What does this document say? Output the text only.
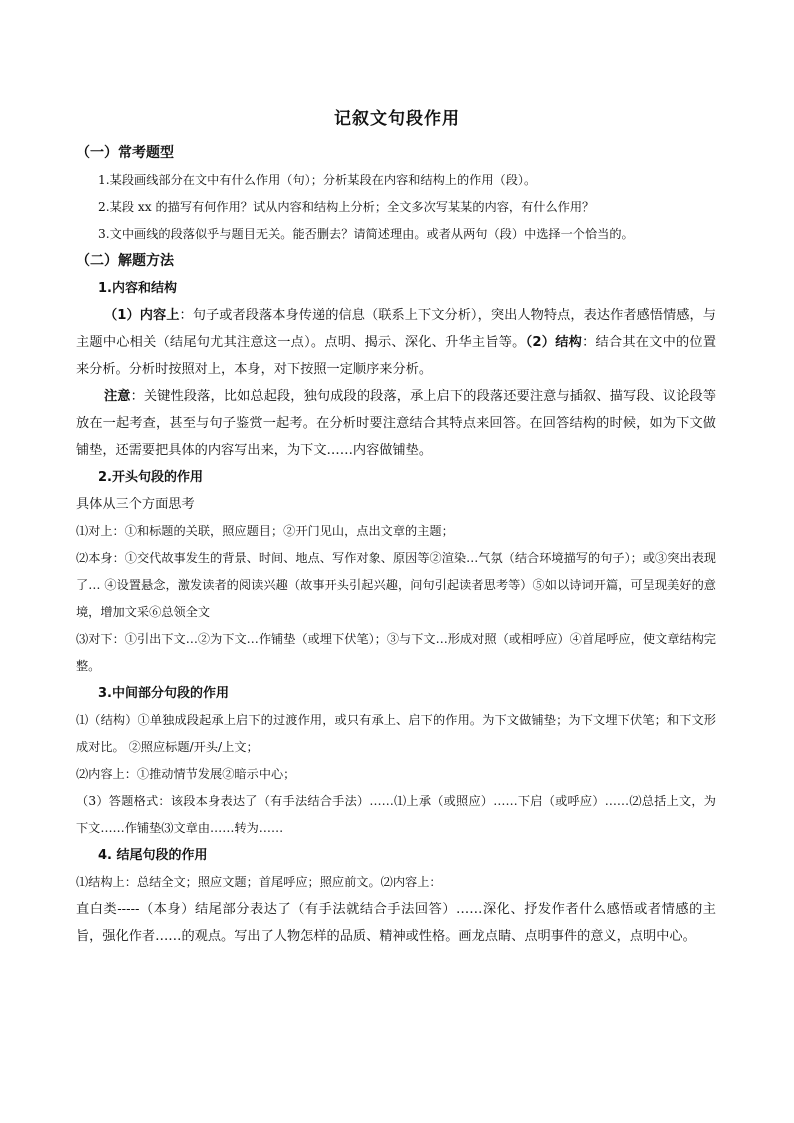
记叙文句段作用

（一）常考题型

1.某段画线部分在文中有什么作用（句）；分析某段在内容和结构上的作用（段）。

2.某段 xx 的描写有何作用？试从内容和结构上分析；全文多次写某某的内容，有什么作用？

3.文中画线的段落似乎与题目无关。能否删去？请简述理由。或者从两句（段）中选择一个恰当的。

（二）解题方法

1.内容和结构

（1）内容上：句子或者段落本身传递的信息（联系上下文分析），突出人物特点，表达作者感悟情感，与主题中心相关（结尾句尤其注意这一点）。点明、揭示、深化、升华主旨等。（2）结构：结合其在文中的位置来分析。分析时按照对上，本身，对下按照一定顺序来分析。

注意：关键性段落，比如总起段，独句成段的段落，承上启下的段落还要注意与插叙、描写段、议论段等放在一起考查，甚至与句子鉴赏一起考。在分析时要注意结合其特点来回答。在回答结构的时候，如为下文做铺垫，还需要把具体的内容写出来，为下文……内容做铺垫。

2.开头句段的作用

具体从三个方面思考

⑴对上：①和标题的关联，照应题目；②开门见山，点出文章的主题；

⑵本身：①交代故事发生的背景、时间、地点、写作对象、原因等②渲染…气氛（结合环境描写的句子）；或③突出表现了… ④设置悬念，激发读者的阅读兴趣（故事开头引起兴趣，问句引起读者思考等）⑤如以诗词开篇，可呈现美好的意境，增加文采⑥总领全文

⑶对下：①引出下文…②为下文…作铺垫（或埋下伏笔）；③与下文…形成对照（或相呼应）④首尾呼应，使文章结构完整。

3.中间部分句段的作用

⑴（结构）①单独成段起承上启下的过渡作用，或只有承上、启下的作用。为下文做铺垫；为下文埋下伏笔；和下文形成对比。 ②照应标题/开头/上文；

⑵内容上：①推动情节发展②暗示中心；

（3）答题格式：该段本身表达了（有手法结合手法）……⑴上承（或照应）……下启（或呼应）……⑵总括上文，为下文……作铺垫⑶文章由……转为……

4. 结尾句段的作用

⑴结构上：总结全文；照应文题；首尾呼应；照应前文。⑵内容上：

直白类-----（本身）结尾部分表达了（有手法就结合手法回答）……深化、抒发作者什么感悟或者情感的主旨，强化作者……的观点。写出了人物怎样的品质、精神或性格。画龙点睛、点明事件的意义，点明中心。
